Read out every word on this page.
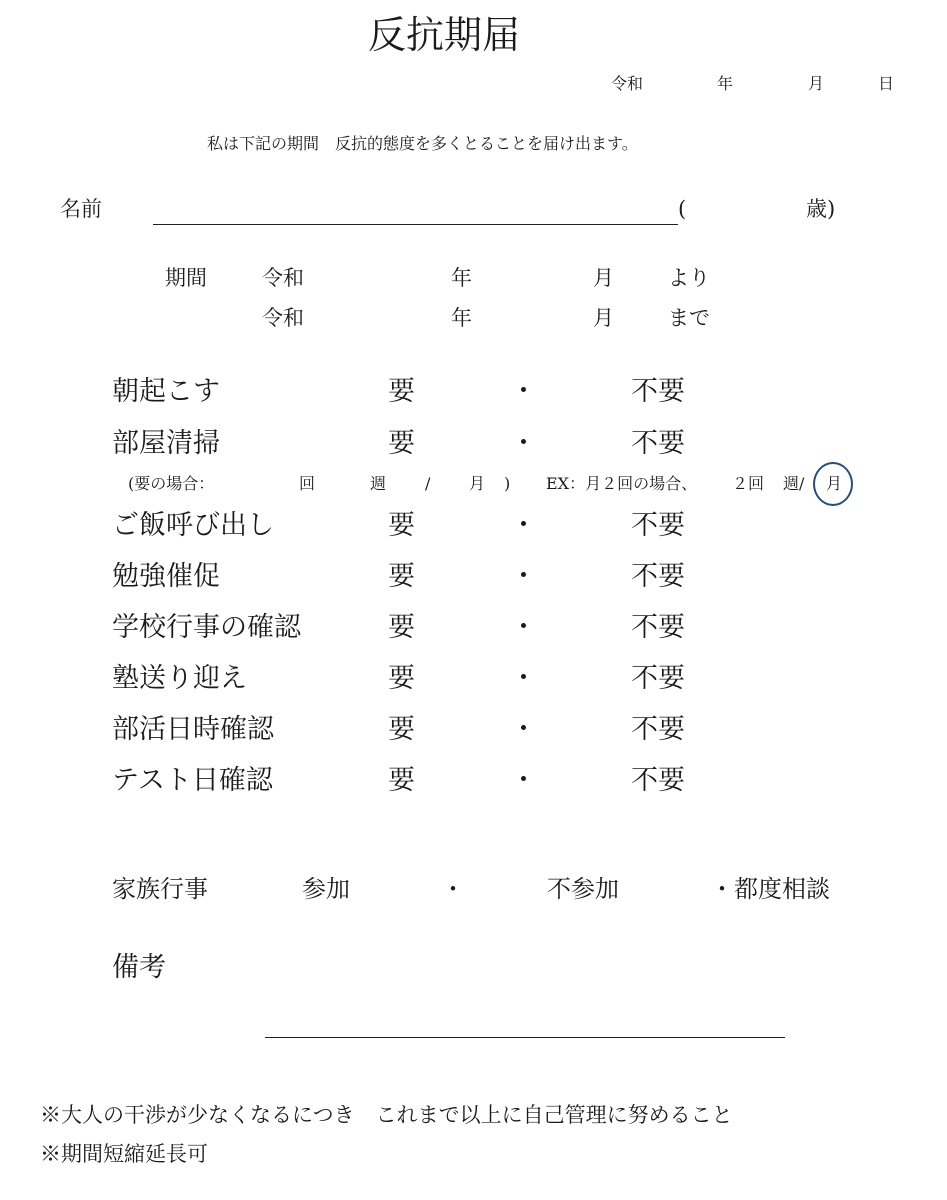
反抗期届
令和	年	月	日
私は下記の期間　反抗的態度を多くとることを届け出ます。
名前	(	歳)
期間	令和	年	月	より
令和	年	月	まで
朝起こす	要	・	不要
部屋清掃	要	・	不要
(要の場合：	回	週 / 月 ) EX：月２回の場合、 ２回 週/ 月
ご飯呼び出し	要	・	不要
勉強催促	要	・	不要
学校行事の確認	要	・	不要
塾送り迎え	要	・	不要
部活日時確認	要	・	不要
テスト日確認	要	・	不要
家族行事	参加	・	不参加	・都度相談
備考
※大人の干渉が少なくなるにつき　これまで以上に自己管理に努めること
※期間短縮延長可
